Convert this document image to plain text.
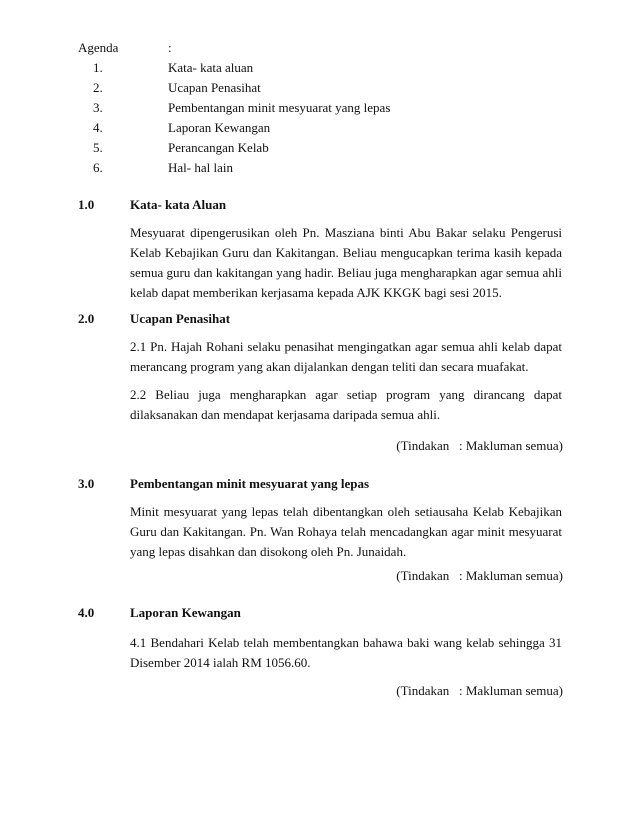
Agenda	:
1.	Kata- kata aluan
2.	Ucapan Penasihat
3.	Pembentangan minit mesyuarat yang lepas
4.	Laporan Kewangan
5.	Perancangan Kelab
6.	Hal- hal lain
1.0	Kata- kata Aluan

Mesyuarat dipengerusikan oleh Pn. Masziana binti Abu Bakar selaku Pengerusi Kelab Kebajikan Guru dan Kakitangan. Beliau mengucapkan terima kasih kepada semua guru dan kakitangan yang hadir. Beliau juga mengharapkan agar semua ahli kelab dapat memberikan kerjasama kepada AJK KKGK bagi sesi 2015.

2.0	Ucapan Penasihat

2.1 Pn. Hajah Rohani selaku penasihat mengingatkan agar semua ahli kelab dapat merancang program yang akan dijalankan dengan teliti dan secara muafakat.

2.2 Beliau juga mengharapkan agar setiap program yang dirancang dapat dilaksanakan dan mendapat kerjasama daripada semua ahli.

(Tindakan   : Makluman semua)
3.0	Pembentangan minit mesyuarat yang lepas

Minit mesyuarat yang lepas telah dibentangkan oleh setiausaha Kelab Kebajikan Guru dan Kakitangan. Pn. Wan Rohaya telah mencadangkan agar minit mesyuarat yang lepas disahkan dan disokong oleh Pn. Junaidah.

(Tindakan   : Makluman semua)
4.0	Laporan Kewangan

4.1 Bendahari Kelab telah membentangkan bahawa baki wang kelab sehingga 31 Disember 2014 ialah RM 1056.60.

(Tindakan   : Makluman semua)
